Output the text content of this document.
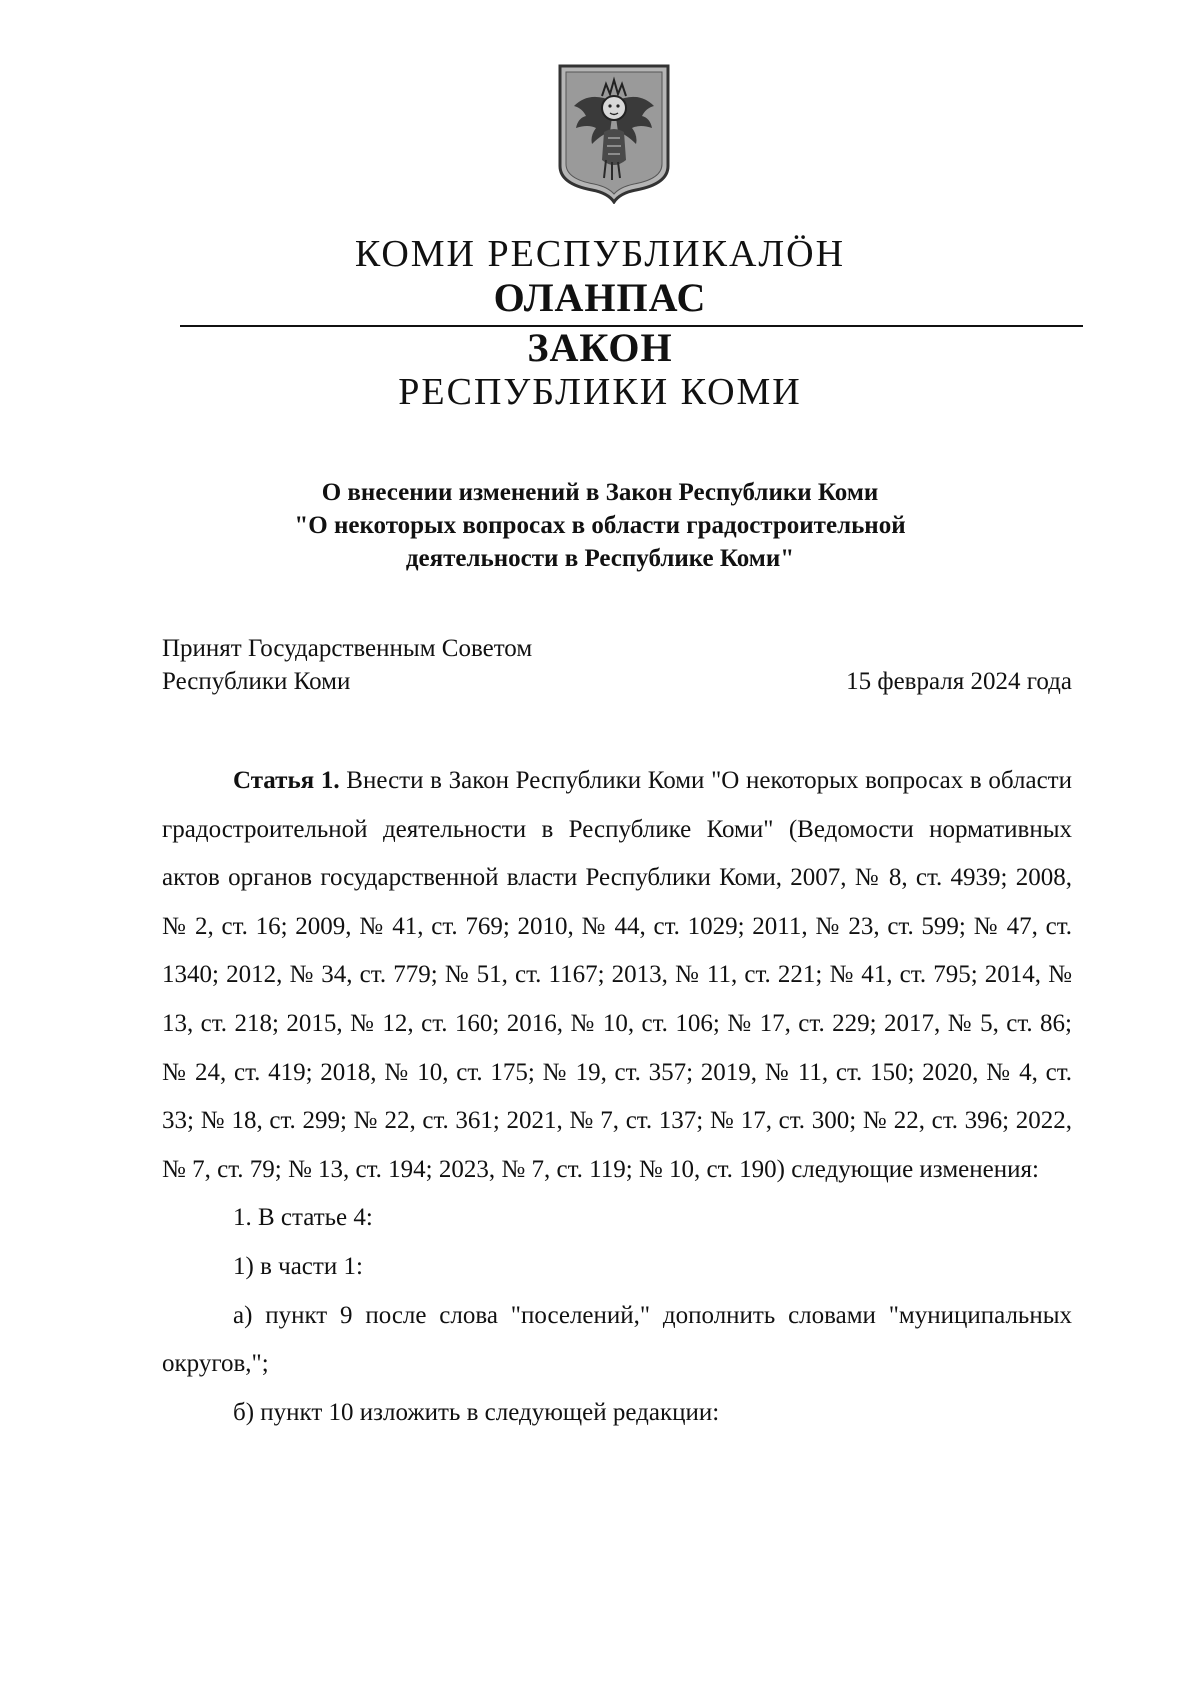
КОМИ РЕСПУБЛИКАЛӦН
ОЛАНПАС
ЗАКОН
РЕСПУБЛИКИ КОМИ
О внесении изменений в Закон Республики Коми
"О некоторых вопросах в области градостроительной
деятельности в Республике Коми"
Принят Государственным Советом
Республики Коми	15 февраля 2024 года

Статья 1. Внести в Закон Республики Коми "О некоторых вопросах в области градостроительной деятельности в Республике Коми" (Ведомости нормативных актов органов государственной власти Республики Коми, 2007, № 8, ст. 4939; 2008, № 2, ст. 16; 2009, № 41, ст. 769; 2010, № 44, ст. 1029; 2011, № 23, ст. 599; № 47, ст. 1340; 2012, № 34, ст. 779; № 51, ст. 1167; 2013, № 11, ст. 221; № 41, ст. 795; 2014, № 13, ст. 218; 2015, № 12, ст. 160; 2016, № 10, ст. 106; № 17, ст. 229; 2017, № 5, ст. 86; № 24, ст. 419; 2018, № 10, ст. 175; № 19, ст. 357; 2019, № 11, ст. 150; 2020, № 4, ст. 33; № 18, ст. 299; № 22, ст. 361; 2021, № 7, ст. 137; № 17, ст. 300; № 22, ст. 396; 2022, № 7, ст. 79; № 13, ст. 194; 2023, № 7, ст. 119; № 10, ст. 190) следующие изменения:

1. В статье 4:

1) в части 1:

а) пункт 9 после слова "поселений," дополнить словами "муниципальных округов,";

б) пункт 10 изложить в следующей редакции:
